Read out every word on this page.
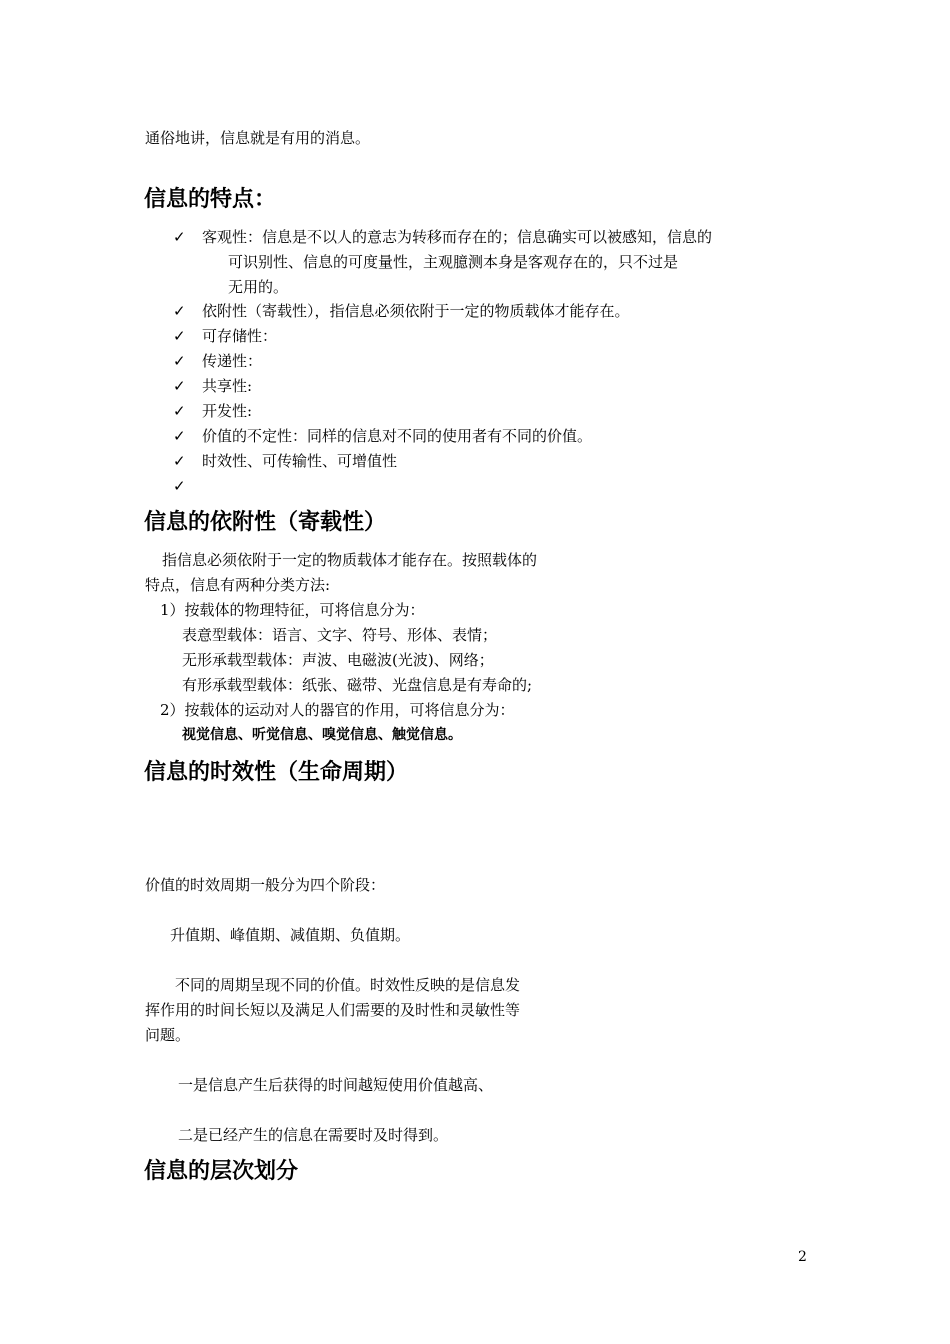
通俗地讲，信息就是有用的消息。
信息的特点：
✓ 客观性：信息是不以人的意志为转移而存在的；信息确实可以被感知，信息的
可识别性、信息的可度量性，主观臆测本身是客观存在的，只不过是
无用的。
✓ 依附性（寄载性），指信息必须依附于一定的物质载体才能存在。
✓ 可存储性：
✓ 传递性：
✓ 共享性:
✓ 开发性:
✓ 价值的不定性：同样的信息对不同的使用者有不同的价值。
✓ 时效性、可传输性、可增值性
✓
信息的依附性（寄载性）
指信息必须依附于一定的物质载体才能存在。按照载体的
特点，信息有两种分类方法:
1）按载体的物理特征，可将信息分为：
表意型载体：语言、文字、符号、形体、表情；
无形承载型载体：声波、电磁波(光波)、网络；
有形承载型载体：纸张、磁带、光盘信息是有寿命的;
2）按载体的运动对人的器官的作用，可将信息分为：
视觉信息、听觉信息、嗅觉信息、触觉信息。
信息的时效性（生命周期）
价值的时效周期一般分为四个阶段：
升值期、峰值期、减值期、负值期。
不同的周期呈现不同的价值。时效性反映的是信息发
挥作用的时间长短以及满足人们需要的及时性和灵敏性等
问题。
一是信息产生后获得的时间越短使用价值越高、
二是已经产生的信息在需要时及时得到。
信息的层次划分
2
